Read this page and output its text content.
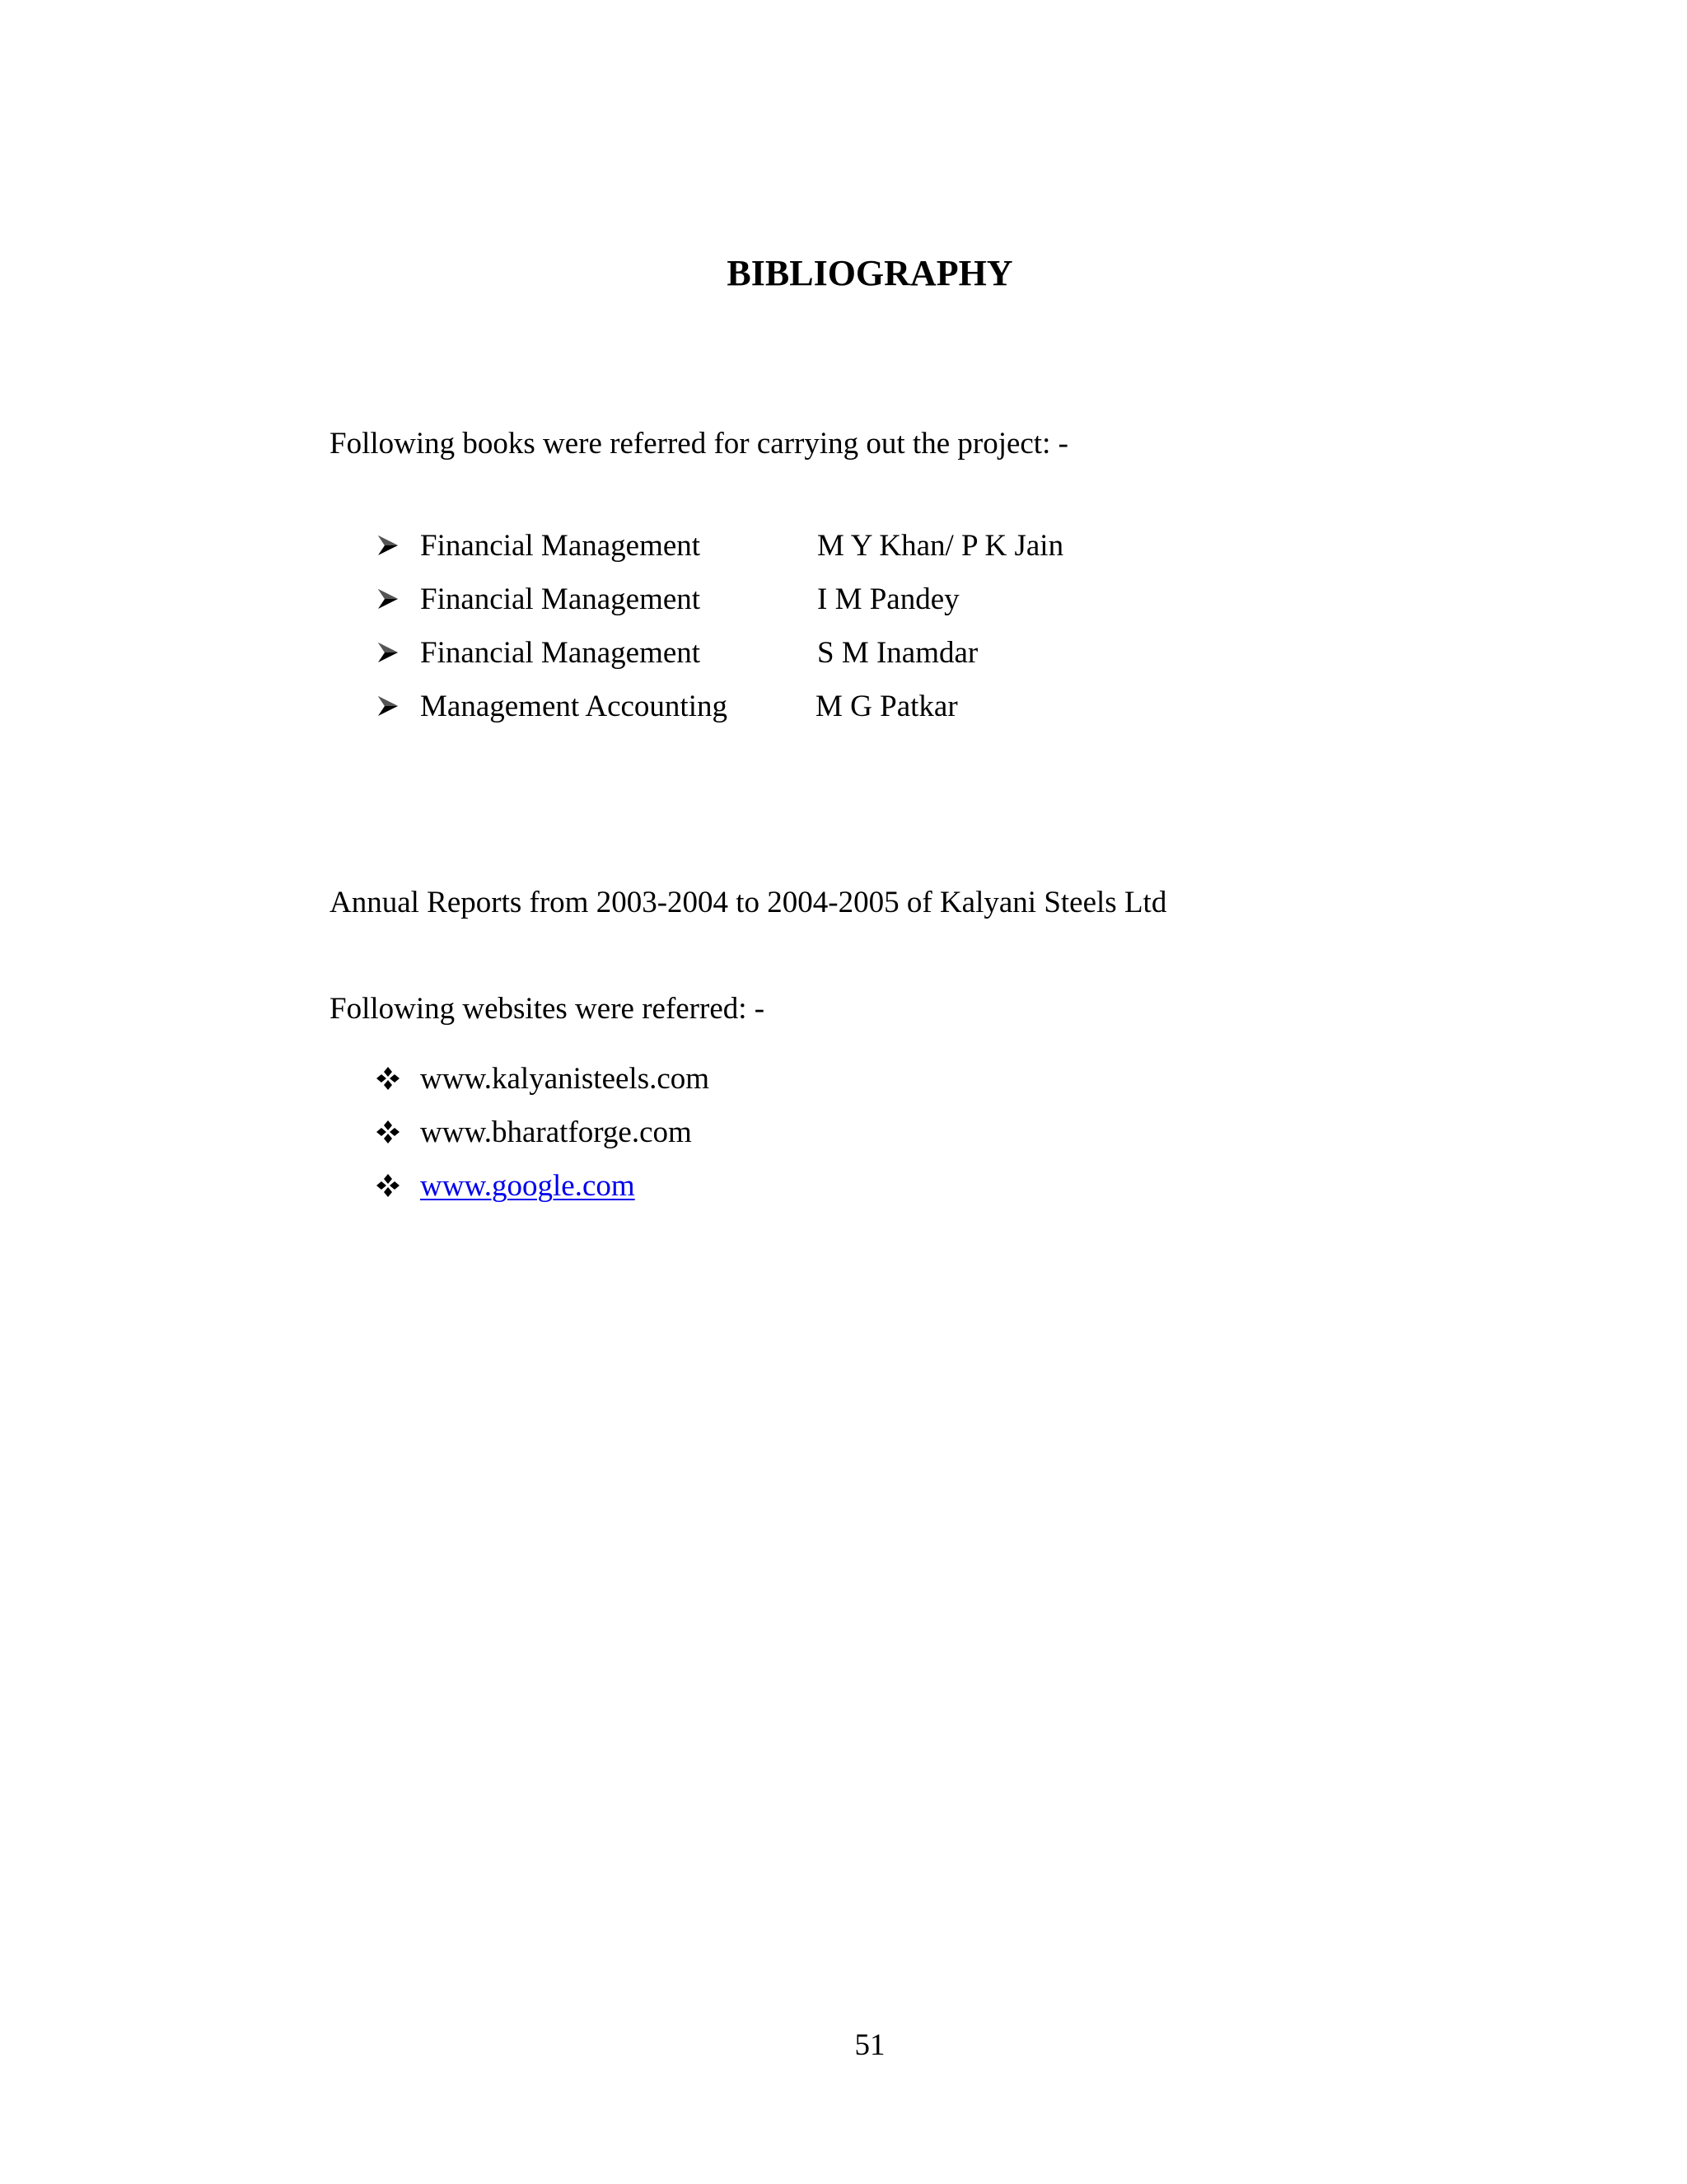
BIBLIOGRAPHY

Following books were referred for carrying out the project: -

Financial Management	M Y Khan/ P K Jain
Financial Management	I M Pandey
Financial Management	S M Inamdar
Management Accounting	M G Patkar

Annual Reports from 2003-2004 to 2004-2005 of Kalyani Steels Ltd

Following websites were referred: -

www.kalyanisteels.com
www.bharatforge.com
www.google.com

51
